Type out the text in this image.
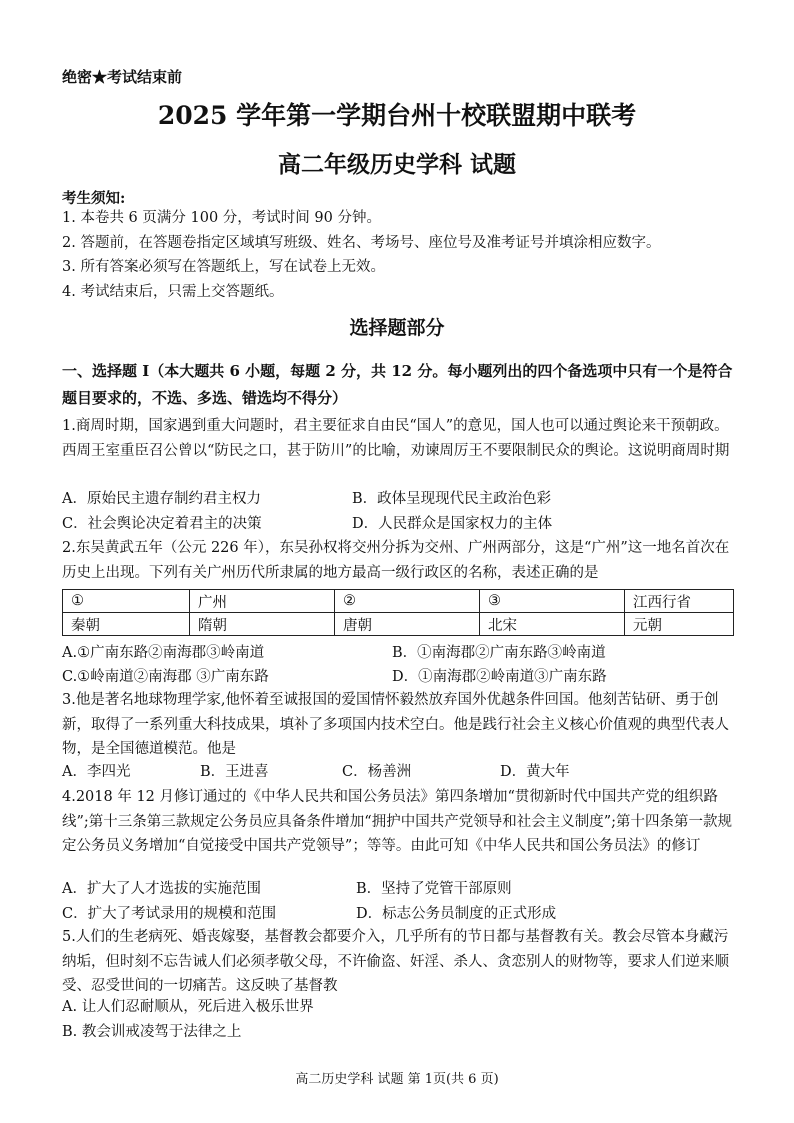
绝密★考试结束前
2025 学年第一学期台州十校联盟期中联考
高二年级历史学科 试题
考生须知:
1. 本卷共 6 页满分 100 分，考试时间 90 分钟。
2. 答题前，在答题卷指定区域填写班级、姓名、考场号、座位号及准考证号并填涂相应数字。
3. 所有答案必须写在答题纸上，写在试卷上无效。
4. 考试结束后，只需上交答题纸。
选择题部分
一、选择题 Ⅰ（本大题共 6 小题，每题 2 分，共 12 分。每小题列出的四个备选项中只有一个是符合题目要求的，不选、多选、错选均不得分）
1.商周时期，国家遇到重大问题时，君主要征求自由民“国人”的意见，国人也可以通过舆论来干预朝政。西周王室重臣召公曾以“防民之口，甚于防川”的比喻，劝谏周厉王不要限制民众的舆论。这说明商周时期
A．原始民主遗存制约君主权力	B．政体呈现现代民主政治色彩
C．社会舆论决定着君主的决策	D．人民群众是国家权力的主体
2.东吴黄武五年（公元 226 年），东吴孙权将交州分拆为交州、广州两部分，这是“广州”这一地名首次在历史上出现。下列有关广州历代所隶属的地方最高一级行政区的名称，表述正确的是
①	广州	②	③	江西行省
秦朝	隋朝	唐朝	北宋	元朝
A.①广南东路②南海郡③岭南道	B．①南海郡②广南东路③岭南道
C.①岭南道②南海郡 ③广南东路	D．①南海郡②岭南道③广南东路
3.他是著名地球物理学家,他怀着至诚报国的爱国情怀毅然放弃国外优越条件回国。他刻苦钻研、勇于创新，取得了一系列重大科技成果，填补了多项国内技术空白。他是践行社会主义核心价值观的典型代表人物，是全国德道模范。他是
A．李四光	B．王进喜	C．杨善洲	D．黄大年
4.2018 年 12 月修订通过的《中华人民共和国公务员法》第四条增加“贯彻新时代中国共产党的组织路线”;第十三条第三款规定公务员应具备条件增加“拥护中国共产党领导和社会主义制度”;第十四条第一款规定公务员义务增加“自觉接受中国共产党领导”；等等。由此可知《中华人民共和国公务员法》的修订
A．扩大了人才选拔的实施范围	B．坚持了党管干部原则
C．扩大了考试录用的规模和范围	D．标志公务员制度的正式形成
5.人们的生老病死、婚丧嫁娶，基督教会都要介入，几乎所有的节日都与基督教有关。教会尽管本身藏污纳垢，但时刻不忘告诫人们必须孝敬父母，不许偷盗、奸淫、杀人、贪恋别人的财物等，要求人们逆来顺受、忍受世间的一切痛苦。这反映了基督教
A. 让人们忍耐顺从，死后进入极乐世界
B. 教会训戒凌驾于法律之上
高二历史学科 试题 第 1页(共 6 页)
